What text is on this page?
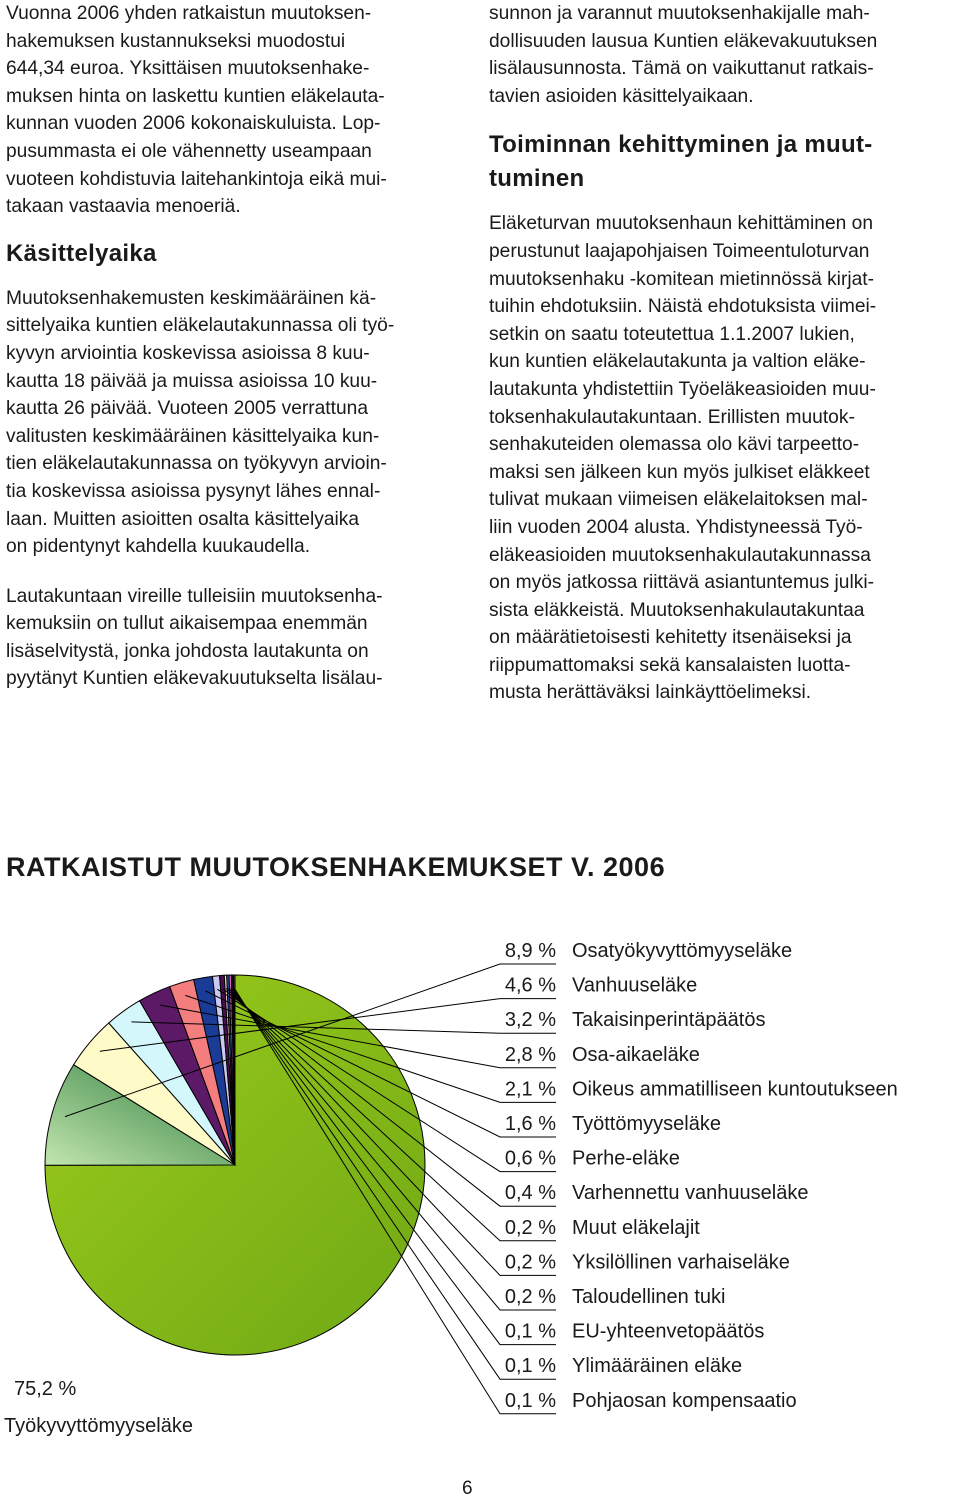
Vuonna 2006 yhden ratkaistun muutoksen-
hakemuksen kustannukseksi muodostui
644,34 euroa. Yksittäisen muutoksenhake-
muksen hinta on laskettu kuntien eläkelauta-
kunnan vuoden 2006 kokonaiskuluista. Lop-
pusummasta ei ole vähennetty useampaan
vuoteen kohdistuvia laitehankintoja eikä mui-
takaan vastaavia menoeriä.

Käsittelyaika

Muutoksenhakemusten keskimääräinen kä-
sittelyaika kuntien eläkelautakunnassa oli työ-
kyvyn arviointia koskevissa asioissa 8 kuu-
kautta 18 päivää ja muissa asioissa 10 kuu-
kautta 26 päivää. Vuoteen 2005 verrattuna
valitusten keskimääräinen käsittelyaika kun-
tien eläkelautakunnassa on työkyvyn arvioin-
tia koskevissa asioissa pysynyt lähes ennal-
laan. Muitten asioitten osalta käsittelyaika
on pidentynyt kahdella kuukaudella.

Lautakuntaan vireille tulleisiin muutoksenha-
kemuksiin on tullut aikaisempaa enemmän
lisäselvitystä, jonka johdosta lautakunta on
pyytänyt Kuntien eläkevakuutukselta lisälau-

sunnon ja varannut muutoksenhakijalle mah-
dollisuuden lausua Kuntien eläkevakuutuksen
lisälausunnosta. Tämä on vaikuttanut ratkais-
tavien asioiden käsittelyaikaan.

Toiminnan kehittyminen ja muut-tuminen

Eläketurvan muutoksenhaun kehittäminen on
perustunut laajapohjaisen Toimeentuloturvan
muutoksenhaku -komitean mietinnössä kirjat-
tuihin ehdotuksiin. Näistä ehdotuksista viimei-
setkin on saatu toteutettua 1.1.2007 lukien,
kun kuntien eläkelautakunta ja valtion eläke-
lautakunta yhdistettiin Työeläkeasioiden muu-
toksenhakulautakuntaan. Erillisten muutok-
senhakuteiden olemassa olo kävi tarpeetto-
maksi sen jälkeen kun myös julkiset eläkkeet
tulivat mukaan viimeisen eläkelaitoksen mal-
liin vuoden 2004 alusta. Yhdistyneessä Työ-
eläkeasioiden muutoksenhakulautakunnassa
on myös jatkossa riittävä asiantuntemus julki-
sista eläkkeistä. Muutoksenhakulautakuntaa
on määrätietoisesti kehitetty itsenäiseksi ja
riippumattomaksi sekä kansalaisten luotta-
musta herättäväksi lainkäyttöelimeksi.

RATKAISTUT MUUTOKSENHAKEMUKSET V. 2006
8,9 % Osatyökyvyttömyyseläke
4,6 % Vanhuuseläke
3,2 % Takaisinperintäpäätös
2,8 % Osa-aikaeläke
2,1 % Oikeus ammatilliseen kuntoutukseen
1,6 % Työttömyyseläke
0,6 % Perhe-eläke
0,4 % Varhennettu vanhuuseläke
0,2 % Muut eläkelajit
0,2 % Yksilöllinen varhaiseläke
0,2 % Taloudellinen tuki
0,1 % EU-yhteenvetopäätös
0,1 % Ylimääräinen eläke
0,1 % Pohjaosan kompensaatio
75,2 %
Työkyvyttömyyseläke
6
